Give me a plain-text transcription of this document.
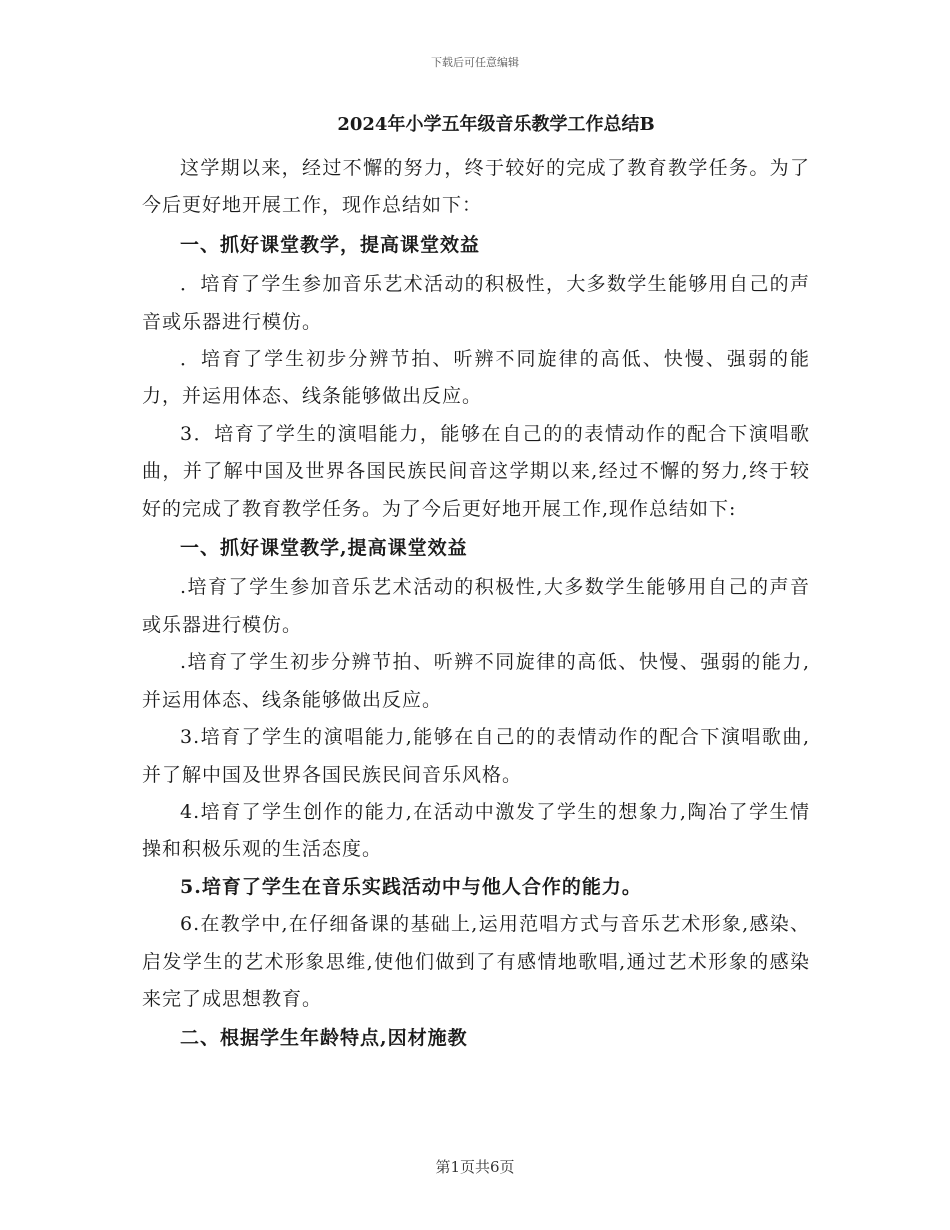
下载后可任意编辑
2024年小学五年级音乐教学工作总结B

这学期以来，经过不懈的努力，终于较好的完成了教育教学任务。为了今后更好地开展工作，现作总结如下：

一、抓好课堂教学，提高课堂效益

．培育了学生参加音乐艺术活动的积极性，大多数学生能够用自己的声音或乐器进行模仿。

．培育了学生初步分辨节拍、听辨不同旋律的高低、快慢、强弱的能力，并运用体态、线条能够做出反应。

3．培育了学生的演唱能力，能够在自己的的表情动作的配合下演唱歌曲，并了解中国及世界各国民族民间音这学期以来,经过不懈的努力,终于较好的完成了教育教学任务。为了今后更好地开展工作,现作总结如下:

一、抓好课堂教学,提高课堂效益

.培育了学生参加音乐艺术活动的积极性,大多数学生能够用自己的声音或乐器进行模仿。

.培育了学生初步分辨节拍、听辨不同旋律的高低、快慢、强弱的能力,并运用体态、线条能够做出反应。

3.培育了学生的演唱能力,能够在自己的的表情动作的配合下演唱歌曲,并了解中国及世界各国民族民间音乐风格。

4.培育了学生创作的能力,在活动中激发了学生的想象力,陶冶了学生情操和积极乐观的生活态度。

5.培育了学生在音乐实践活动中与他人合作的能力。

6.在教学中,在仔细备课的基础上,运用范唱方式与音乐艺术形象,感染、启发学生的艺术形象思维,使他们做到了有感情地歌唱,通过艺术形象的感染来完了成思想教育。

二、根据学生年龄特点,因材施教

第1页共6页
